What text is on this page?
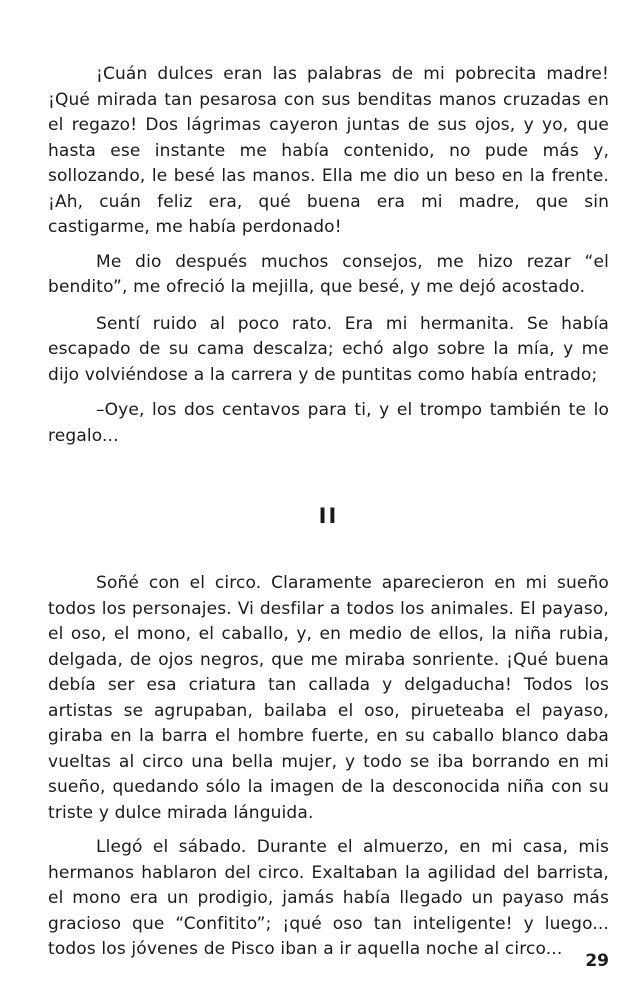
¡Cuán dulces eran las palabras de mi pobrecita madre! ¡Qué mirada tan pesarosa con sus benditas manos cruzadas en el regazo! Dos lágrimas cayeron juntas de sus ojos, y yo, que hasta ese instante me había contenido, no pude más y, sollozando, le besé las manos. Ella me dio un beso en la frente. ¡Ah, cuán feliz era, qué buena era mi madre, que sin castigarme, me había perdonado!

Me dio después muchos consejos, me hizo rezar “el bendito”, me ofreció la mejilla, que besé, y me dejó acostado.

Sentí ruido al poco rato. Era mi hermanita. Se había escapado de su cama descalza; echó algo sobre la mía, y me dijo volviéndose a la carrera y de puntitas como había entrado;

–Oye, los dos centavos para ti, y el trompo también te lo regalo...

II

Soñé con el circo. Claramente aparecieron en mi sueño todos los personajes. Vi desfilar a todos los animales. El payaso, el oso, el mono, el caballo, y, en medio de ellos, la niña rubia, delgada, de ojos negros, que me miraba sonriente. ¡Qué buena debía ser esa criatura tan callada y delgaducha! Todos los artistas se agrupaban, bailaba el oso, pirueteaba el payaso, giraba en la barra el hombre fuerte, en su caballo blanco daba vueltas al circo una bella mujer, y todo se iba borrando en mi sueño, quedando sólo la imagen de la desconocida niña con su triste y dulce mirada lánguida.

Llegó el sábado. Durante el almuerzo, en mi casa, mis hermanos hablaron del circo. Exaltaban la agilidad del barrista, el mono era un prodigio, jamás había llegado un payaso más gracioso que “Confitito”; ¡qué oso tan inteligente! y luego... todos los jóvenes de Pisco iban a ir aquella noche al circo...

29
